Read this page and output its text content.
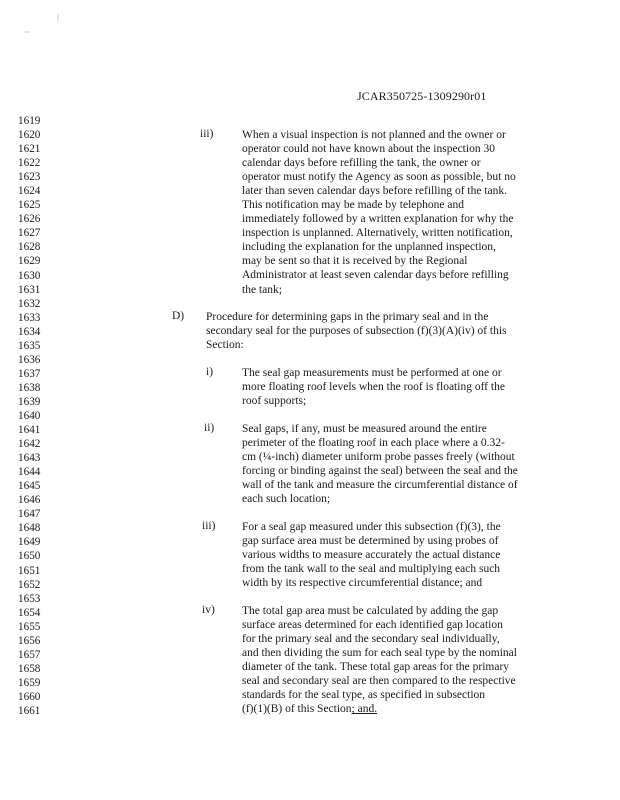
JCAR350725-1309290r01
1619
1620
1621
1622
1623
1624
1625
1626
1627
1628
1629
1630
1631
1632
1633
1634
1635
1636
1637
1638
1639
1640
1641
1642
1643
1644
1645
1646
1647
1648
1649
1650
1651
1652
1653
1654
1655
1656
1657
1658
1659
1660
1661
iii) When a visual inspection is not planned and the owner or
operator could not have known about the inspection 30
calendar days before refilling the tank, the owner or
operator must notify the Agency as soon as possible, but no
later than seven calendar days before refilling of the tank.
This notification may be made by telephone and
immediately followed by a written explanation for why the
inspection is unplanned. Alternatively, written notification,
including the explanation for the unplanned inspection,
may be sent so that it is received by the Regional
Administrator at least seven calendar days before refilling
the tank;
D) Procedure for determining gaps in the primary seal and in the
secondary seal for the purposes of subsection (f)(3)(A)(iv) of this
Section:
i)	The seal gap measurements must be performed at one or
more floating roof levels when the roof is floating off the
roof supports;
ii) Seal gaps, if any, must be measured around the entire
perimeter of the floating roof in each place where a 0.32-
cm (¼-inch) diameter uniform probe passes freely (without
forcing or binding against the seal) between the seal and the
wall of the tank and measure the circumferential distance of
each such location;
iii) For a seal gap measured under this subsection (f)(3), the
gap surface area must be determined by using probes of
various widths to measure accurately the actual distance
from the tank wall to the seal and multiplying each such
width by its respective circumferential distance; and
iv) The total gap area must be calculated by adding the gap
surface areas determined for each identified gap location
for the primary seal and the secondary seal individually,
and then dividing the sum for each seal type by the nominal
diameter of the tank. These total gap areas for the primary
seal and secondary seal are then compared to the respective
standards for the seal type, as specified in subsection
(f)(1)(B) of this Section; and.
